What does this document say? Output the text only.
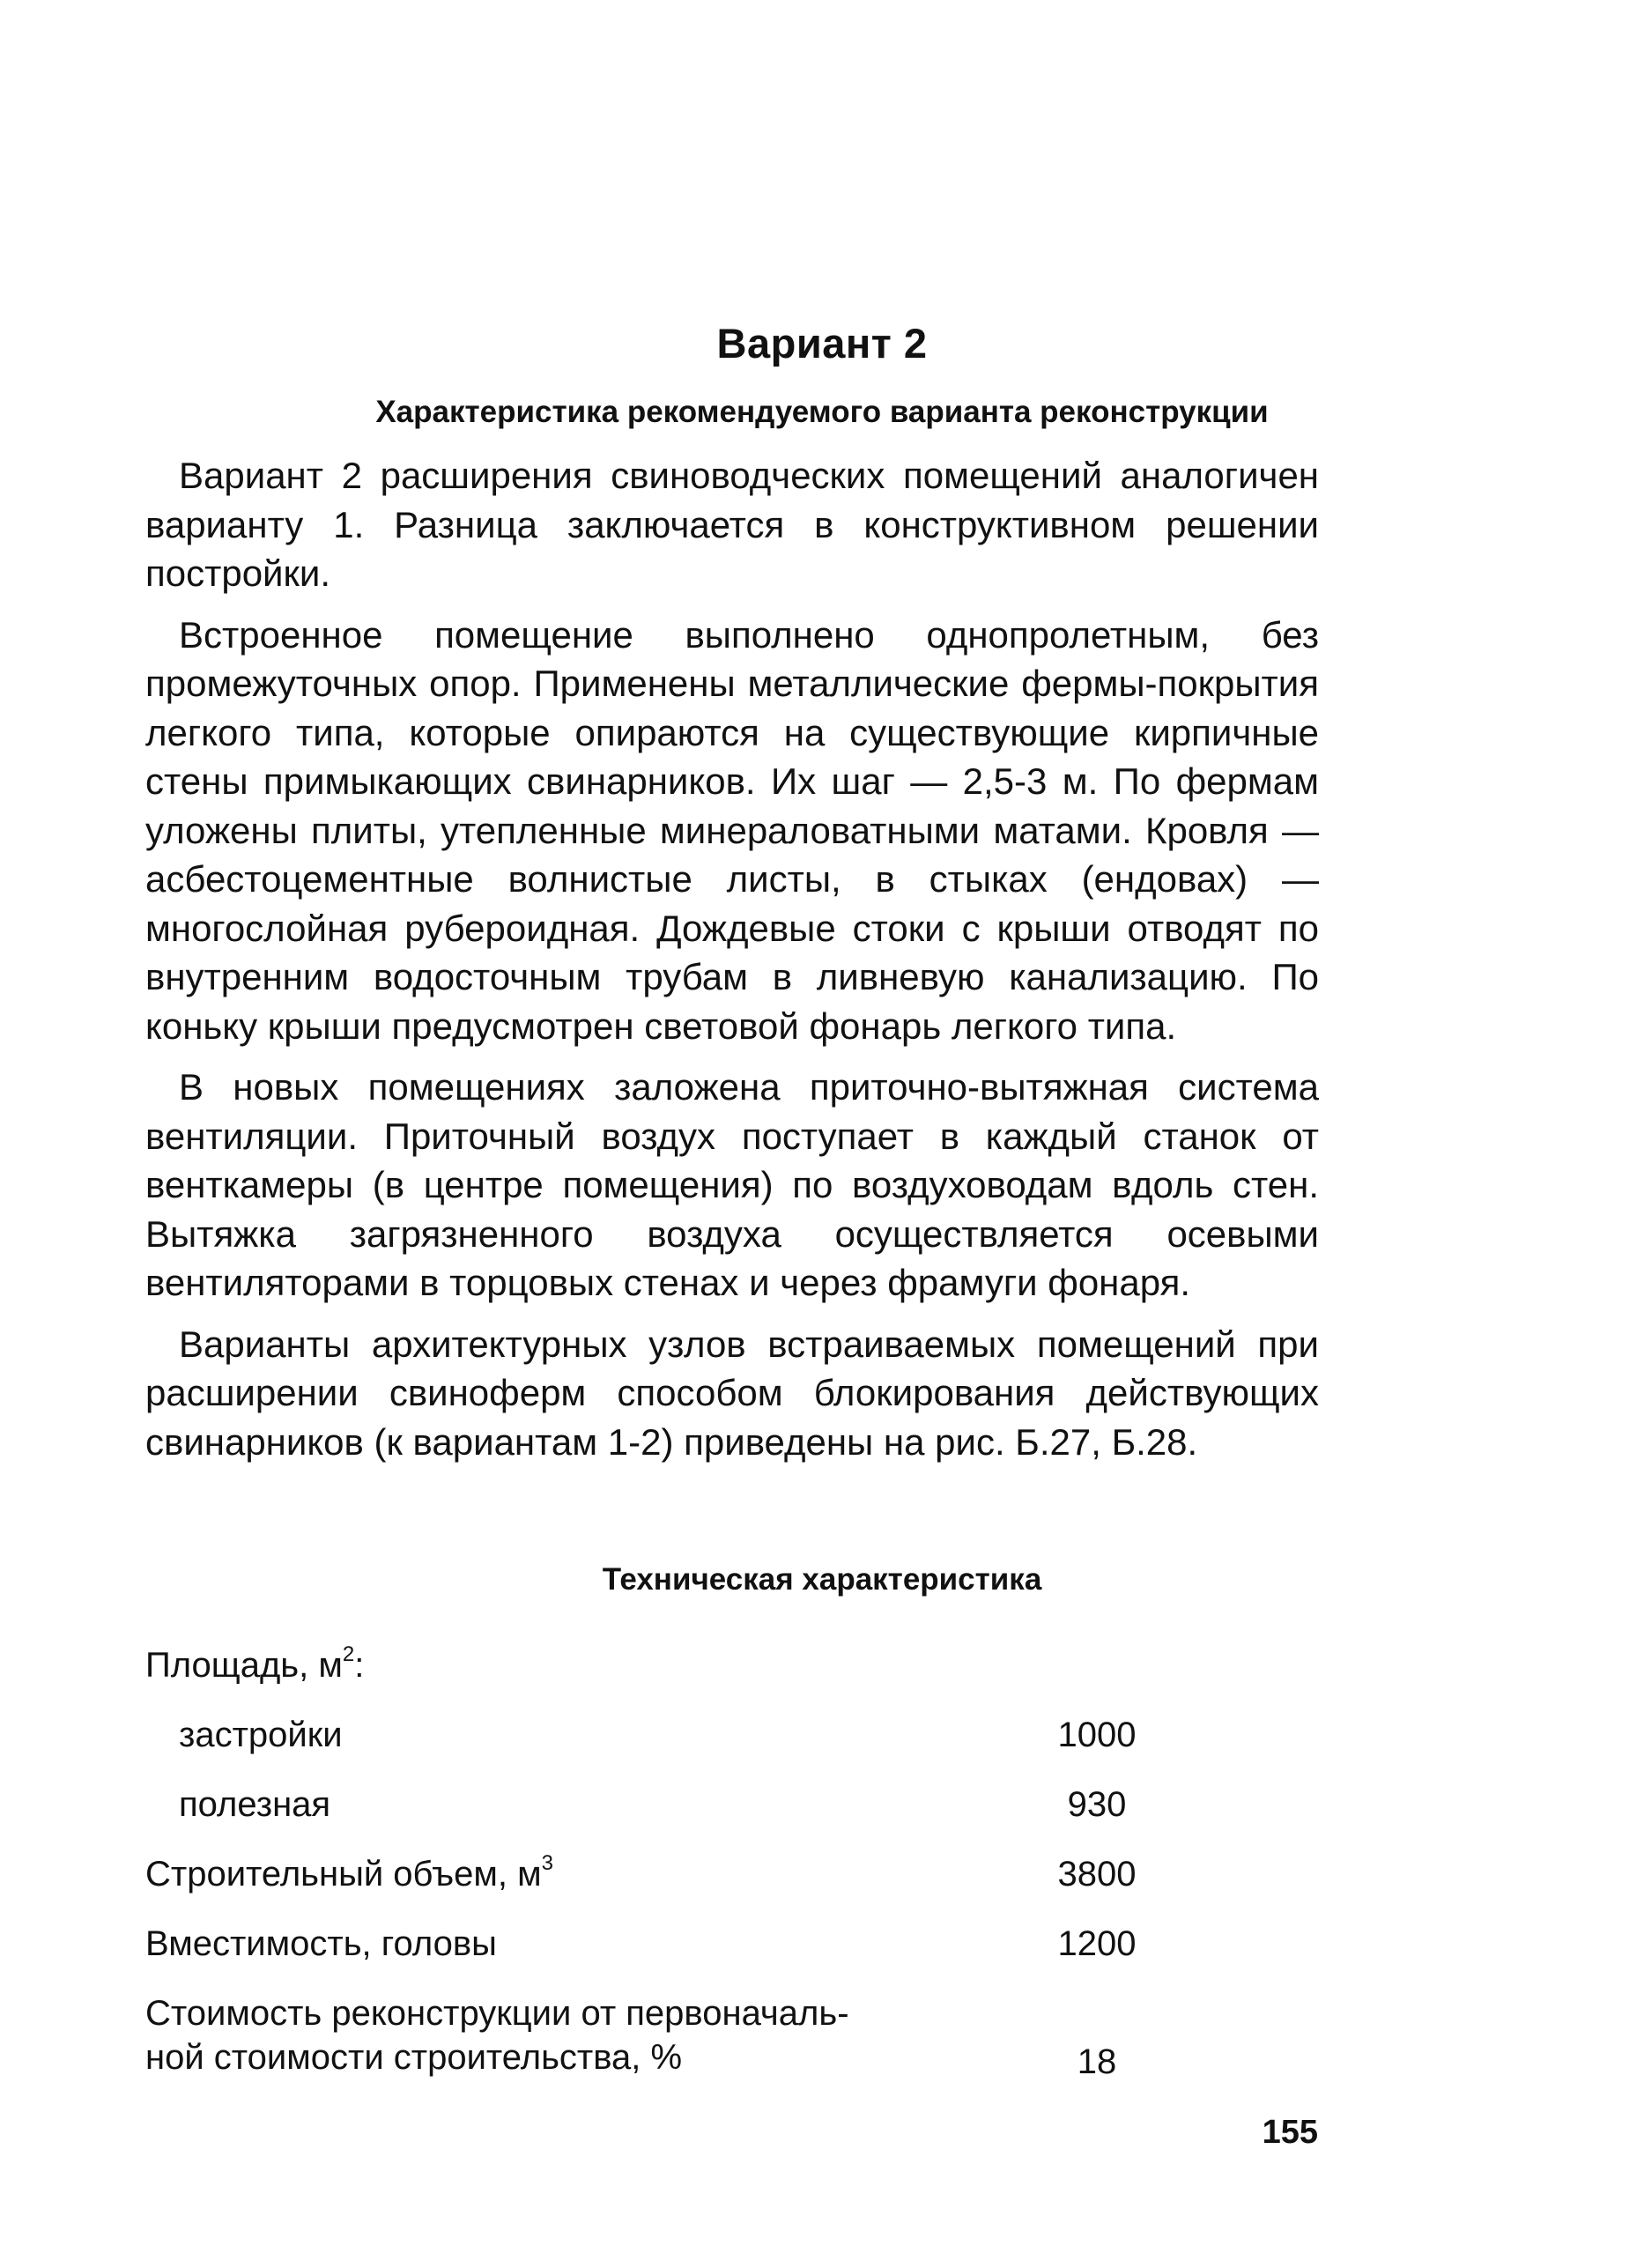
Вариант 2
Характеристика рекомендуемого варианта реконструкции

Вариант 2 расширения свиноводческих помещений аналогичен варианту 1. Разница заключается в конструктивном решении постройки.

Встроенное помещение выполнено однопролетным, без промежуточных опор. Применены металлические фермы-покрытия легкого типа, которые опираются на существующие кирпичные стены примыкающих свинарников. Их шаг — 2,5-3 м. По фермам уложены плиты, утепленные минераловатными матами. Кровля — асбестоцементные волнистые листы, в стыках (ендовах) — многослойная рубероидная. Дождевые стоки с крыши отводят по внутренним водосточным трубам в ливневую канализацию. По коньку крыши предусмотрен световой фонарь легкого типа.

В новых помещениях заложена приточно-вытяжная система вентиляции. Приточный воздух поступает в каждый станок от венткамеры (в центре помещения) по воздуховодам вдоль стен. Вытяжка загрязненного воздуха осуществляется осевыми вентиляторами в торцовых стенах и через фрамуги фонаря.

Варианты архитектурных узлов встраиваемых помещений при расширении свиноферм способом блокирования действующих свинарников (к вариантам 1-2) приведены на рис. Б.27, Б.28.

Техническая характеристика
Площадь, $м^2$:
застройки	1000
полезная	930
Строительный объем, $м^3$	3800
Вместимость, головы	1200
Стоимость реконструкции от первоначаль-
ной стоимости строительства, %	18
155
